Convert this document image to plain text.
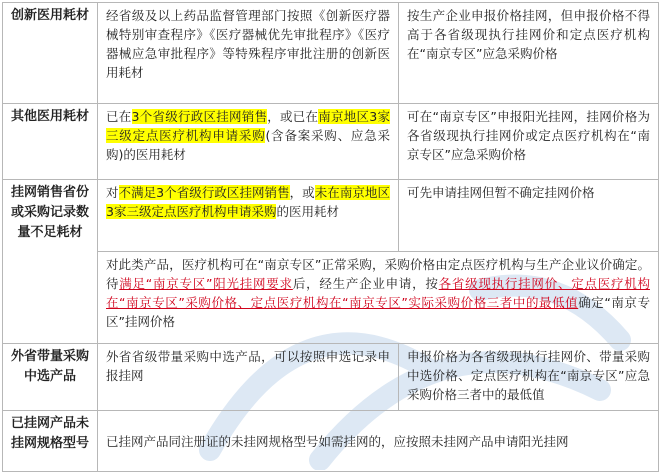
创新医用耗材	经省级及以上药品监督管理部门按照《创新医疗器械特别审查程序》《医疗器械优先审批程序》《医疗器械应急审批程序》等特殊程序审批注册的创新医用耗材	按生产企业申报价格挂网，但申报价格不得高于各省级现执行挂网价和定点医疗机构在“南京专区”应急采购价格
其他医用耗材	已在3个省级行政区挂网销售，或已在南京地区3家三级定点医疗机构申请采购(含备案采购、应急采购)的医用耗材	可在“南京专区”申报阳光挂网，挂网价格为各省级现执行挂网价或定点医疗机构在“南京专区”应急采购价格
挂网销售省份或采购记录数量不足耗材	对不满足3个省级行政区挂网销售，或未在南京地区3家三级定点医疗机构申请采购的医用耗材	可先申请挂网但暂不确定挂网价格
	对此类产品，医疗机构可在“南京专区”正常采购，采购价格由定点医疗机构与生产企业议价确定。待满足“南京专区”阳光挂网要求后，经生产企业申请，按各省级现执行挂网价、定点医疗机构在“南京专区”采购价格、定点医疗机构在“南京专区”实际采购价格三者中的最低值确定“南京专区”挂网价格	
外省带量采购中选产品	外省省级带量采购中选产品，可以按照申选记录申报挂网	申报价格为各省级现执行挂网价、带量采购中选价格、定点医疗机构在“南京专区”应急采购价格三者中的最低值
已挂网产品未挂网规格型号	已挂网产品同注册证的未挂网规格型号如需挂网的，应按照未挂网产品申请阳光挂网	
